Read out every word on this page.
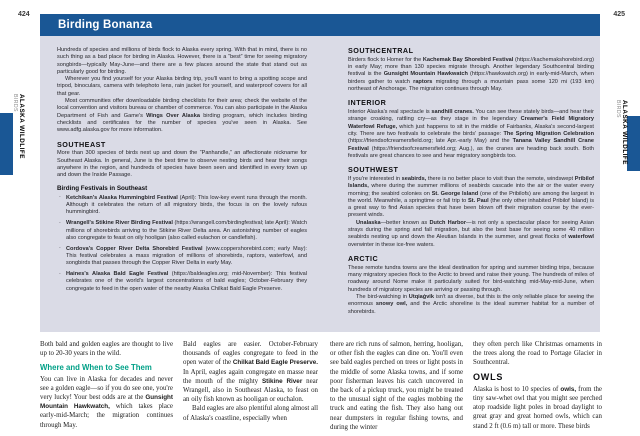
424	425
ALASKA WILDLIFE
BIRDS	ALASKA WILDLIFE
BIRDS
Birding Bonanza
Hundreds of species and millions of birds flock to Alaska every spring. With that in mind, there is no such thing as a bad place for birding in Alaska. However, there is a “best” time for seeing migratory songbirds—typically May-June—and there are a few places around the state that stand out as particularly good for birding.
Wherever you find yourself for your Alaska birding trip, you'll want to bring a spotting scope and tripod, binoculars, camera with telephoto lens, rain jacket for yourself, and waterproof covers for all that gear.
Most communities offer downloadable birding checklists for their area; check the website of the local convention and visitors bureau or chamber of commerce. You can also participate in the Alaska Department of Fish and Game's Wings Over Alaska birding program, which includes birding checklists and certificates for the number of species you've seen in Alaska. See www.adfg.alaska.gov for more information.
SOUTHEAST
More than 300 species of birds nest up and down the “Panhandle,” an affectionate nickname for Southeast Alaska. In general, June is the best time to observe nesting birds and hear their songs anywhere in the region, and hundreds of species have been seen and identified in every town up and down the Inside Passage.
Birding Festivals in Southeast
· Ketchikan's Alaska Hummingbird Festival (April): This low-key event runs through the month. Although it celebrates the return of all migratory birds, the focus is on the lovely rufous hummingbird.
· Wrangell's Stikine River Birding Festival (https://wrangell.com/birdingfestival; late April): Watch millions of shorebirds arriving to the Stikine River Delta area. An astonishing number of eagles also congregate to feast on oily hooligan (also called eulachon or candlefish).
· Cordova's Copper River Delta Shorebird Festival (www.coppershorebird.com; early May): This festival celebrates a mass migration of millions of shorebirds, raptors, waterfowl, and songbirds that passes through the Copper River Delta in early May.
· Haines's Alaska Bald Eagle Festival (https://baldeagles.org; mid-November): This festival celebrates one of the world's largest concentrations of bald eagles; October-February they congregate to feed in the open water of the nearby Alaska Chilkat Bald Eagle Preserve.
SOUTHCENTRAL
Birders flock to Homer for the Kachemak Bay Shorebird Festival (https://kachemakshorebird.org) in early May; more than 130 species migrate through. Another legendary Southcentral birding festival is the Gunsight Mountain Hawkwatch (https://hawkwatch.org) in early-mid-March, when birders gather to watch raptors migrating through a mountain pass some 120 mi (193 km) northeast of Anchorage. The migration continues through May.
INTERIOR
Interior Alaska's real spectacle is sandhill cranes. You can see these stately birds—and hear their strange croaking, rattling cry—as they stage in the legendary Creamer's Field Migratory Waterfowl Refuge, which just happens to sit in the middle of Fairbanks, Alaska's second-largest city. There are two festivals to celebrate the birds' passage: The Spring Migration Celebration (https://friendsofcreamersfield.org; late Apr.-early May) and the Tanana Valley Sandhill Crane Festival (https://friendsofcreamersfield.org; Aug.), as the cranes are heading back south. Both festivals are great chances to see and hear migratory songbirds too.
SOUTHWEST
If you're interested in seabirds, there is no better place to visit than the remote, windswept Pribilof Islands, where during the summer millions of seabirds cascade into the air or the water every morning; the seabird colonies on St. George Island (one of the Pribilofs) are among the largest in the world. Meanwhile, a springtime or fall trip to St. Paul (the only other inhabited Pribilof Island) is a great way to find Asian species that have been blown off their migration course by the ever-present winds.
Unalaska—better known as Dutch Harbor—is not only a spectacular place for seeing Asian strays during the spring and fall migration, but also the best base for seeing some 40 million seabirds nesting up and down the Aleutian Islands in the summer, and great flocks of waterfowl overwinter in these ice-free waters.
ARCTIC
These remote tundra towns are the ideal destination for spring and summer birding trips, because many migratory species flock to the Arctic to breed and raise their young. The hundreds of miles of roadway around Nome make it particularly suited for bird-watching mid-May-mid-June, when hundreds of migratory species are arriving or passing through.
The bird-watching in Utqiaġvik isn't as diverse, but this is the only reliable place for seeing the enormous snowy owl, and the Arctic shoreline is the ideal summer habitat for a number of shorebirds.
Both bald and golden eagles are thought to live up to 20-30 years in the wild.
Where and When to See Them
You can live in Alaska for decades and never see a golden eagle—so if you do see one, you're very lucky! Your best odds are at the Gunsight Mountain Hawkwatch, which takes place early-mid-March; the migration continues through May.
Bald eagles are easier. October-February thousands of eagles congregate to feed in the open water of the Chilkat Bald Eagle Preserve. In April, eagles again congregate en masse near the mouth of the mighty Stikine River near Wrangell, also in Southeast Alaska, to feast on an oily fish known as hooligan or euchalon.
Bald eagles are also plentiful along almost all of Alaska's coastline, especially when
there are rich runs of salmon, herring, hooligan, or other fish the eagles can dine on. You'll even see bald eagles perched on trees or light posts in the middle of some Alaska towns, and if some poor fisherman leaves his catch uncovered in the back of a pickup truck, you might be treated to the unusual sight of the eagles mobbing the truck and eating the fish. They also hang out near dumpsters in regular fishing towns, and during the winter
they often perch like Christmas ornaments in the trees along the road to Portage Glacier in Southcentral.
OWLS
Alaska is host to 10 species of owls, from the tiny saw-whet owl that you might see perched atop roadside light poles in broad daylight to great gray and great horned owls, which can stand 2 ft (0.6 m) tall or more. These birds
